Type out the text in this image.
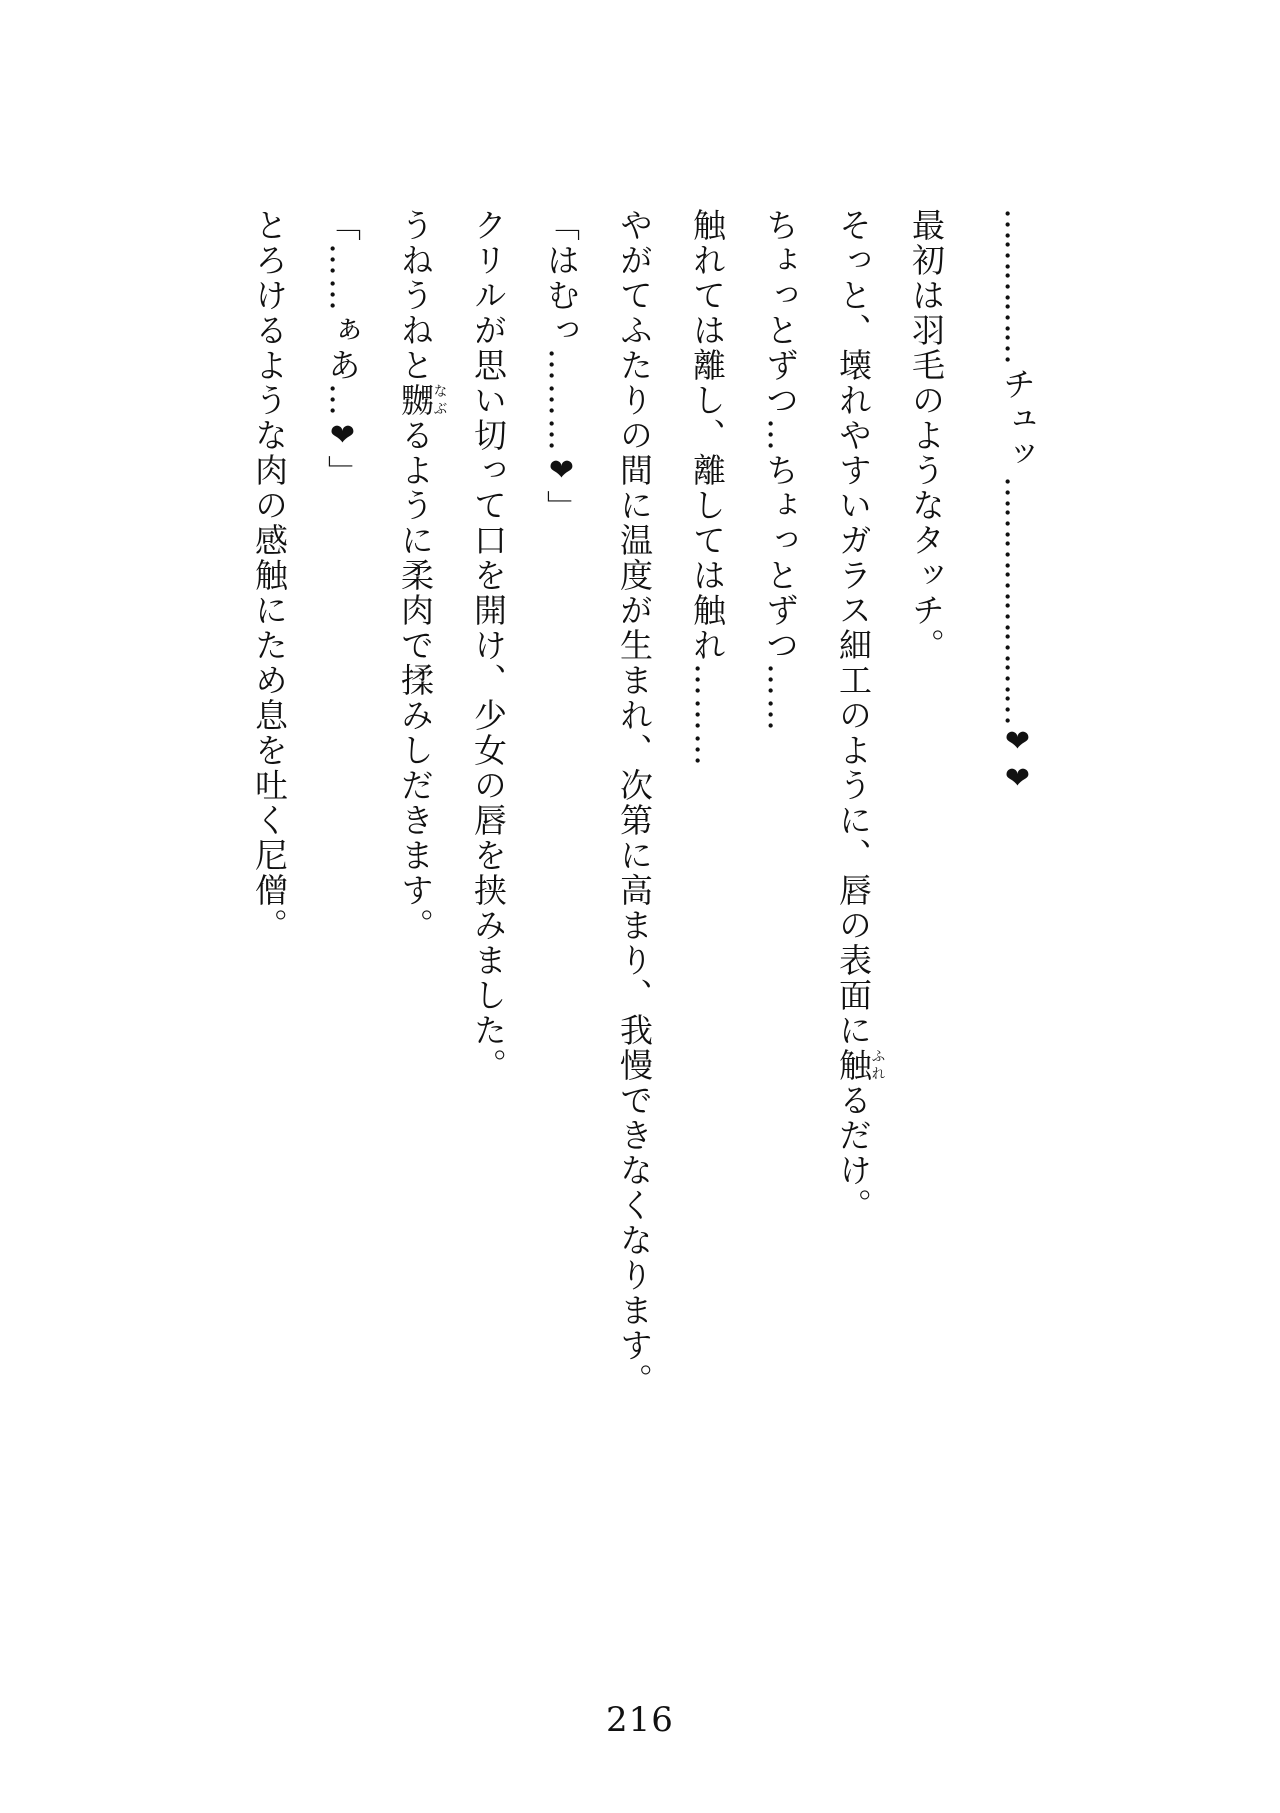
……………チュッ……………………❤❤

最初は羽毛のようなタッチ。

そっと、壊れやすいガラス細工のように、唇の表面に触ふれるだけ。

ちょっとずつ…ちょっとずつ……

触れては離し、離しては触れ………

やがてふたりの間に温度が生まれ、次第に高まり、我慢できなくなります。

「はむっ………❤」

クリルが思い切って口を開け、少女の唇を挟みました。

うねうねと嬲なぶるように柔肉で揉みしだきます。

「……ぁあ…❤」

とろけるような肉の感触にため息を吐く尼僧。

216
